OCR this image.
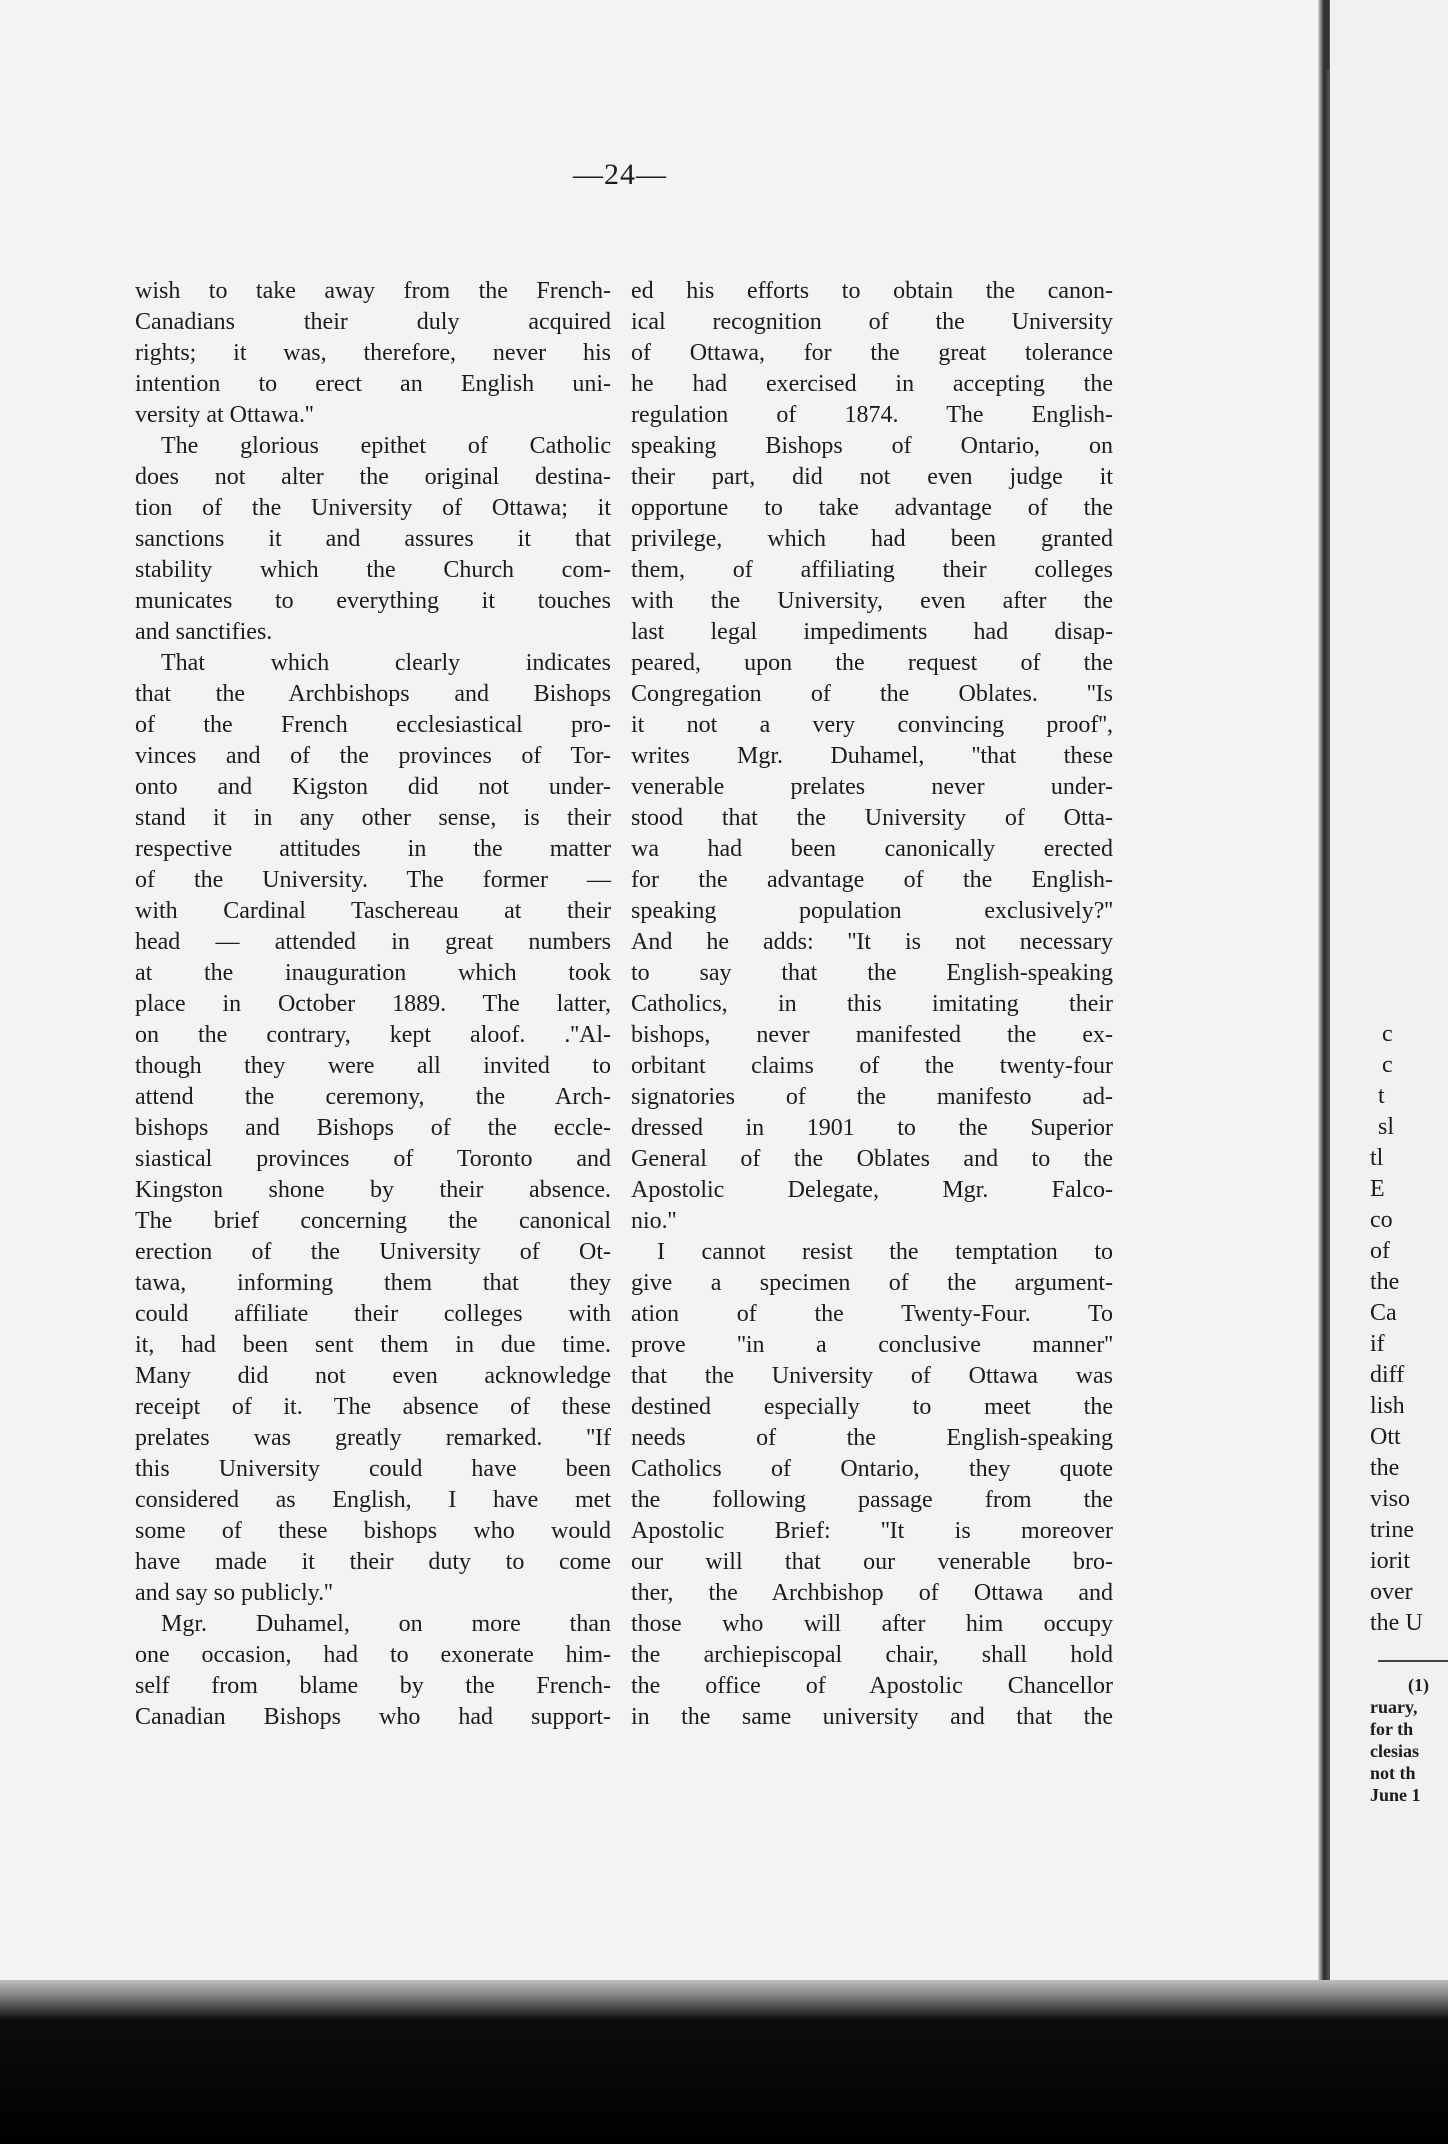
—24—
wish to take away from the French-
Canadians their duly acquired
rights; it was, therefore, never his
intention to erect an English uni-
versity at Ottawa.''
The glorious epithet of Catholic
does not alter the original destina-
tion of the University of Ottawa; it
sanctions it and assures it that
stability which the Church com-
municates to everything it touches
and sanctifies.
That which clearly indicates
that the Archbishops and Bishops
of the French ecclesiastical pro-
vinces and of the provinces of Tor-
onto and Kigston did not under-
stand it in any other sense, is their
respective attitudes in the matter
of the University. The former —
with Cardinal Taschereau at their
head — attended in great numbers
at the inauguration which took
place in October 1889. The latter,
on the contrary, kept aloof. .''Al-
though they were all invited to
attend the ceremony, the Arch-
bishops and Bishops of the eccle-
siastical provinces of Toronto and
Kingston shone by their absence.
The brief concerning the canonical
erection of the University of Ot-
tawa, informing them that they
could affiliate their colleges with
it, had been sent them in due time.
Many did not even acknowledge
receipt of it. The absence of these
prelates was greatly remarked. ''If
this University could have been
considered as English, I have met
some of these bishops who would
have made it their duty to come
and say so publicly.''
Mgr. Duhamel, on more than
one occasion, had to exonerate him-
self from blame by the French-
Canadian Bishops who had support-
ed his efforts to obtain the canon-
ical recognition of the University
of Ottawa, for the great tolerance
he had exercised in accepting the
regulation of 1874. The English-
speaking Bishops of Ontario, on
their part, did not even judge it
opportune to take advantage of the
privilege, which had been granted
them, of affiliating their colleges
with the University, even after the
last legal impediments had disap-
peared, upon the request of the
Congregation of the Oblates. ''Is
it not a very convincing proof'',
writes Mgr. Duhamel, ''that these
venerable prelates never under-
stood that the University of Otta-
wa had been canonically erected
for the advantage of the English-
speaking population exclusively?''
And he adds: ''It is not necessary
to say that the English-speaking
Catholics, in this imitating their
bishops, never manifested the ex-
orbitant claims of the twenty-four
signatories of the manifesto ad-
dressed in 1901 to the Superior
General of the Oblates and to the
Apostolic Delegate, Mgr. Falco-
nio.''
I cannot resist the temptation to
give a specimen of the argument-
ation of the Twenty-Four. To
prove ''in a conclusive manner''
that the University of Ottawa was
destined especially to meet the
needs of the English-speaking
Catholics of Ontario, they quote
the following passage from the
Apostolic Brief: ''It is moreover
our will that our venerable bro-
ther, the Archbishop of Ottawa and
those who will after him occupy
the archiepiscopal chair, shall hold
the office of Apostolic Chancellor
in the same university and that the
c
c
t
sl
tl
E
co
of
the
Ca
if
diff
lish
Ott
the
viso
trine
iorit
over
the U
(1)
ruary,
for th
clesias
not th
June 1
